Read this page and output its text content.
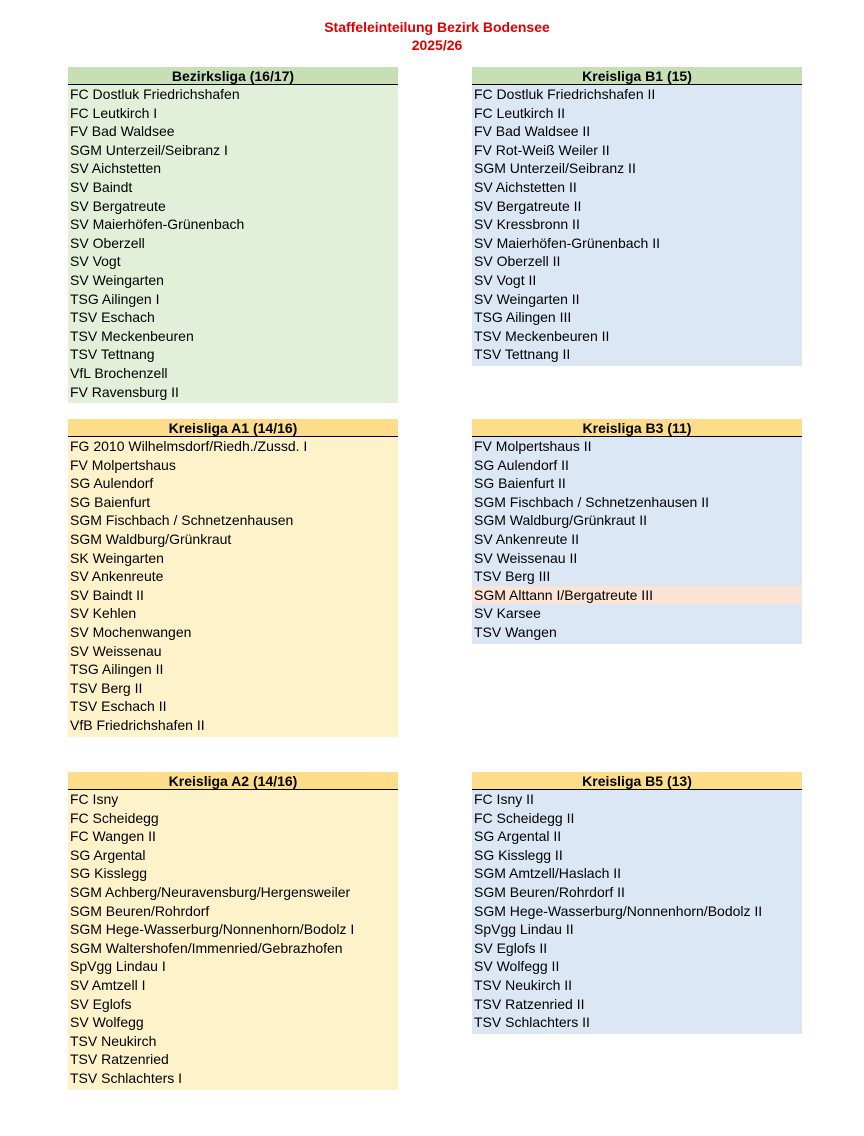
Staffeleinteilung Bezirk Bodensee
2025/26
Bezirksliga (16/17)
FC Dostluk Friedrichshafen
FC Leutkirch I
FV Bad Waldsee
SGM Unterzeil/Seibranz I
SV Aichstetten
SV Baindt
SV Bergatreute
SV Maierhöfen-Grünenbach
SV Oberzell
SV Vogt
SV Weingarten
TSG Ailingen I
TSV Eschach
TSV Meckenbeuren
TSV Tettnang
VfL Brochenzell
FV Ravensburg II
Kreisliga B1 (15)
FC Dostluk Friedrichshafen II
FC Leutkirch II
FV Bad Waldsee II
FV Rot-Weiß Weiler II
SGM Unterzeil/Seibranz II
SV Aichstetten II
SV Bergatreute II
SV Kressbronn II
SV Maierhöfen-Grünenbach II
SV Oberzell II
SV Vogt II
SV Weingarten II
TSG Ailingen III
TSV Meckenbeuren II
TSV Tettnang II
Kreisliga A1 (14/16)
FG 2010 Wilhelmsdorf/Riedh./Zussd. I
FV Molpertshaus
SG Aulendorf
SG Baienfurt
SGM Fischbach / Schnetzenhausen
SGM Waldburg/Grünkraut
SK Weingarten
SV Ankenreute
SV Baindt II
SV Kehlen
SV Mochenwangen
SV Weissenau
TSG Ailingen II
TSV Berg II
TSV Eschach II
VfB Friedrichshafen II
Kreisliga B3 (11)
FV Molpertshaus II
SG Aulendorf II
SG Baienfurt II
SGM Fischbach / Schnetzenhausen II
SGM Waldburg/Grünkraut II
SV Ankenreute II
SV Weissenau II
TSV Berg III
SGM Alttann I/Bergatreute III
SV Karsee
TSV Wangen
Kreisliga A2 (14/16)
FC Isny
FC Scheidegg
FC Wangen II
SG Argental
SG Kisslegg
SGM Achberg/Neuravensburg/Hergensweiler
SGM Beuren/Rohrdorf
SGM Hege-Wasserburg/Nonnenhorn/Bodolz I
SGM Waltershofen/Immenried/Gebrazhofen
SpVgg Lindau I
SV Amtzell I
SV Eglofs
SV Wolfegg
TSV Neukirch
TSV Ratzenried
TSV Schlachters I
Kreisliga B5 (13)
FC Isny II
FC Scheidegg II
SG Argental II
SG Kisslegg II
SGM Amtzell/Haslach II
SGM Beuren/Rohrdorf II
SGM Hege-Wasserburg/Nonnenhorn/Bodolz II
SpVgg Lindau II
SV Eglofs II
SV Wolfegg II
TSV Neukirch II
TSV Ratzenried II
TSV Schlachters II
